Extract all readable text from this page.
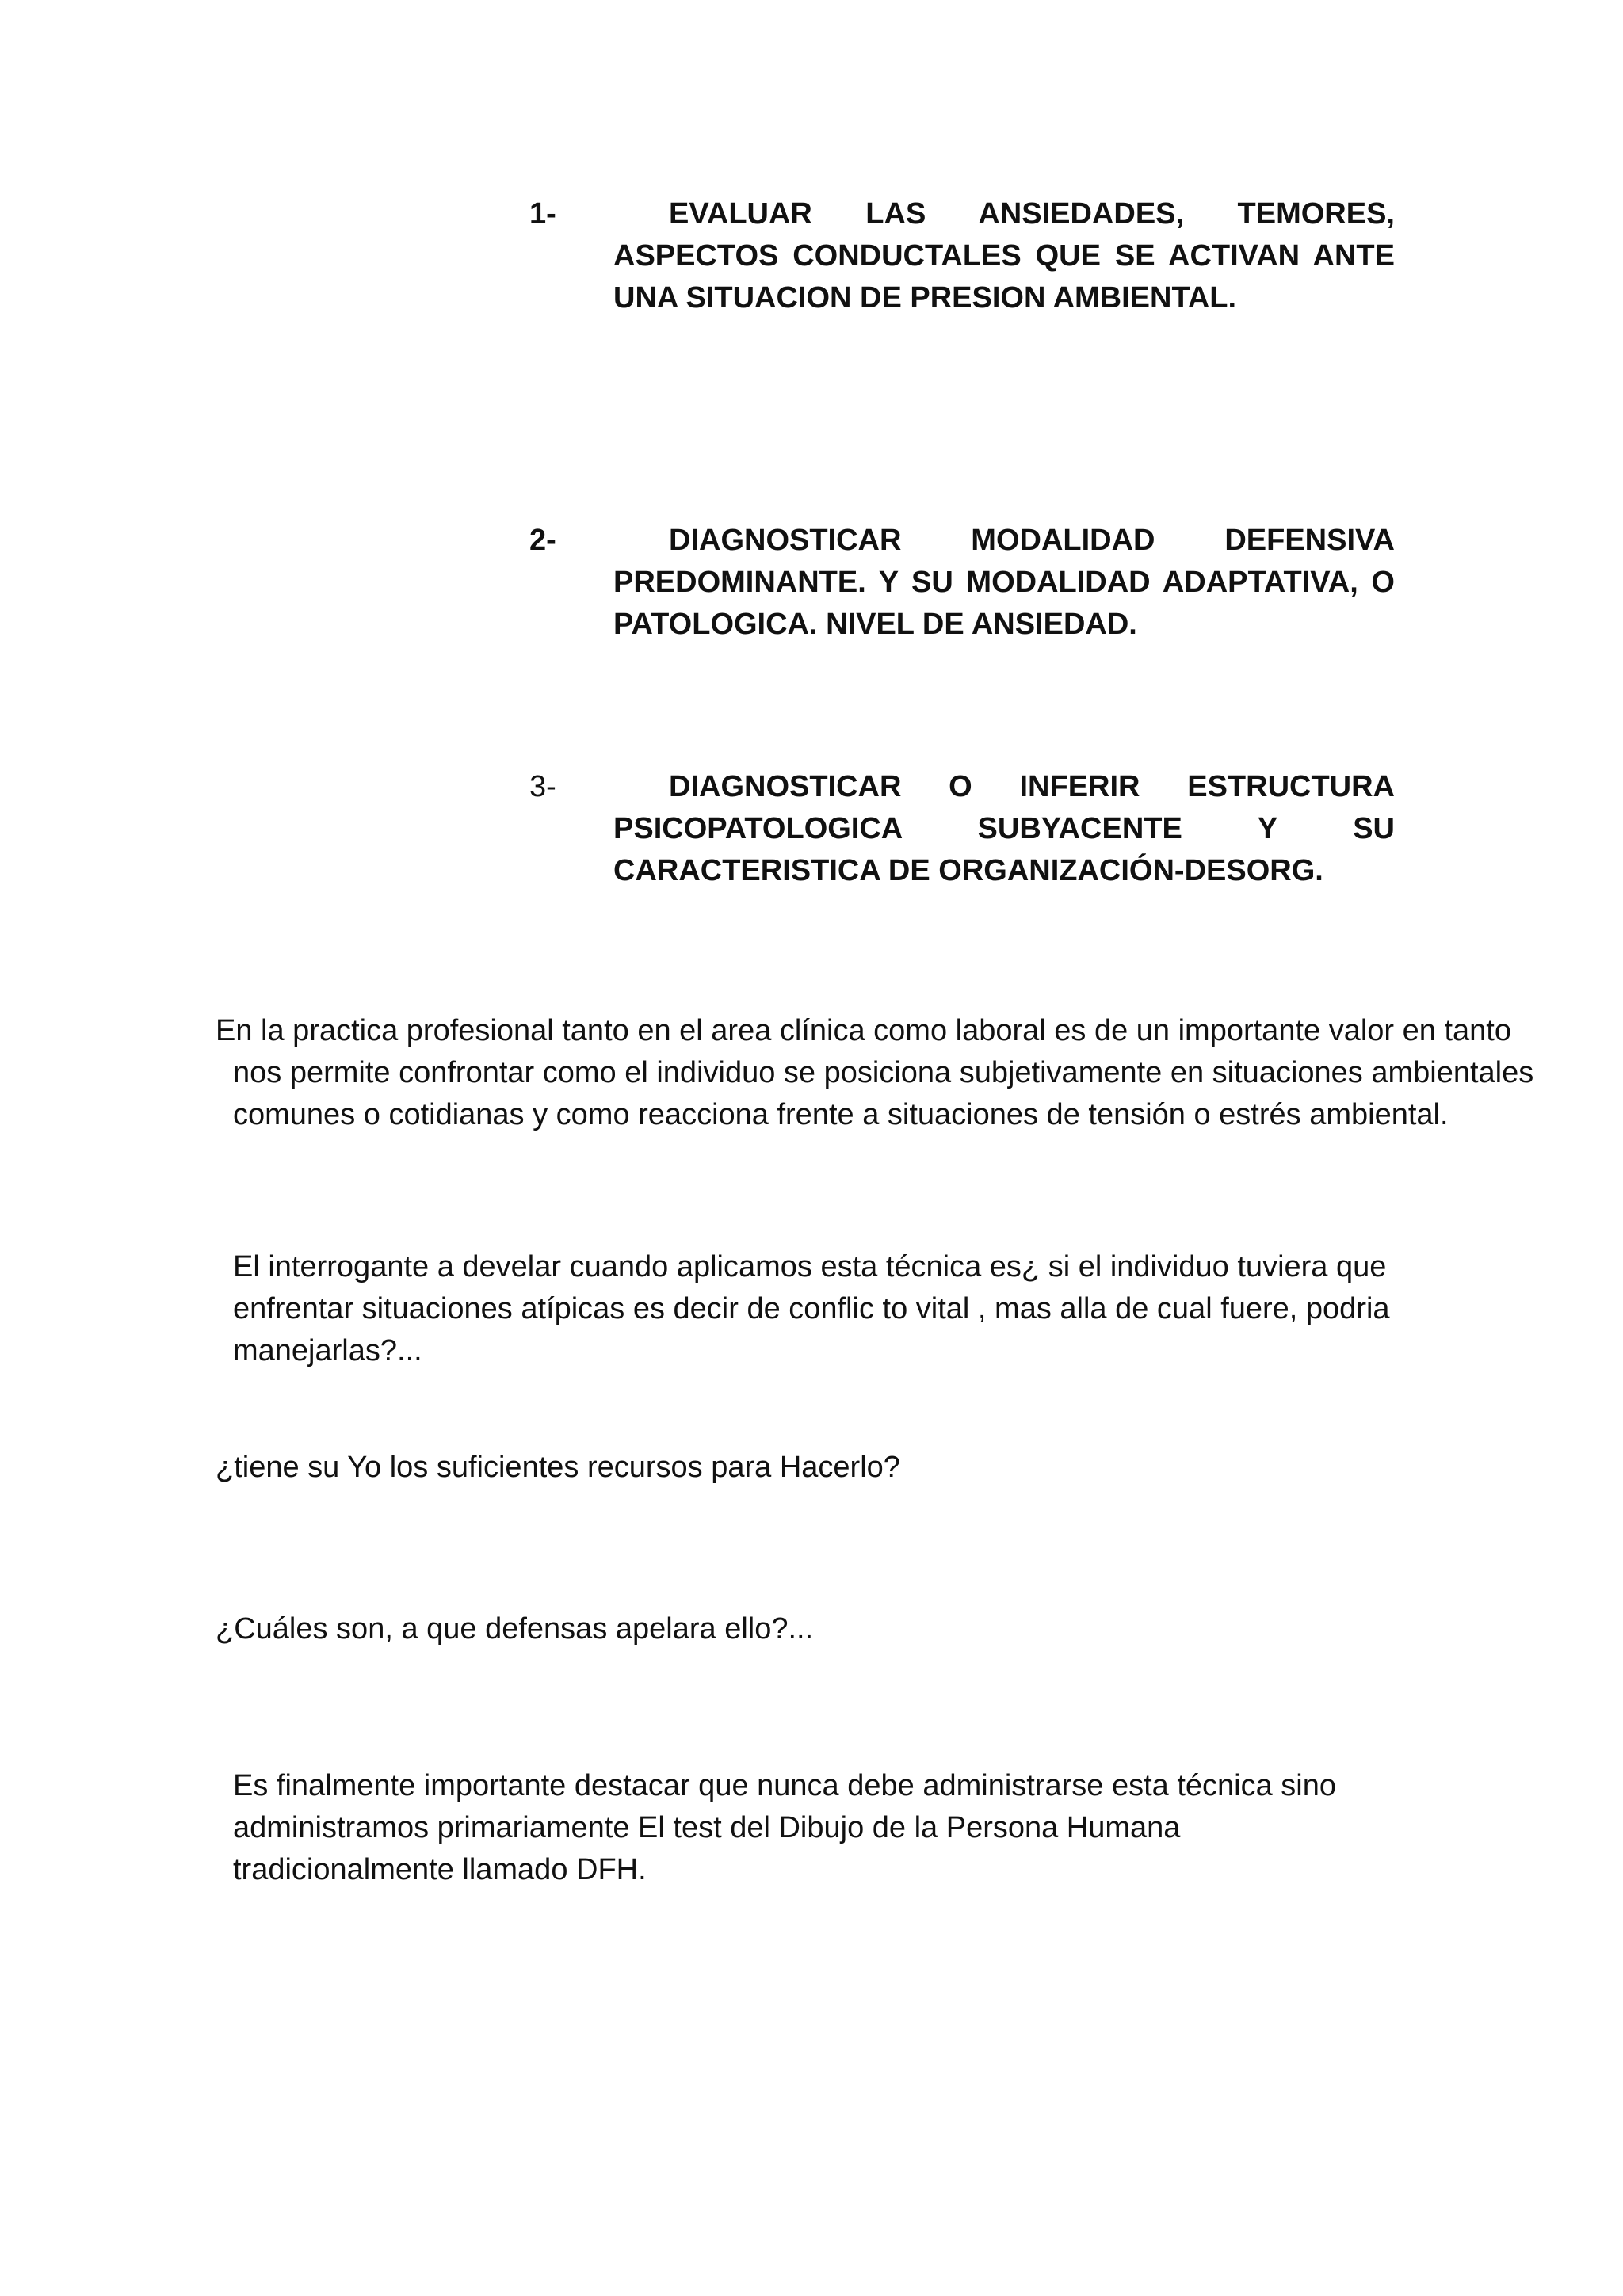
1-	EVALUAR LAS ANSIEDADES, TEMORES, ASPECTOS CONDUCTALES QUE SE ACTIVAN ANTE UNA SITUACION DE PRESION AMBIENTAL.
2-	DIAGNOSTICAR MODALIDAD DEFENSIVA PREDOMINANTE. Y SU MODALIDAD ADAPTATIVA, O PATOLOGICA. NIVEL DE ANSIEDAD.
3-	DIAGNOSTICAR O INFERIR ESTRUCTURA PSICOPATOLOGICA SUBYACENTE Y SU CARACTERISTICA DE ORGANIZACIÓN-DESORG.
En la practica profesional tanto en el area clínica como laboral es de un importante valor en tanto
nos permite confrontar como el individuo se posiciona subjetivamente en situaciones ambientales
comunes o cotidianas y como reacciona frente a situaciones de tensión o estrés ambiental.
El interrogante a develar cuando aplicamos esta técnica es¿ si el individuo tuviera que enfrentar situaciones atípicas es decir de conflic to vital , mas alla de cual fuere, podria manejarlas?...
¿tiene su Yo los suficientes recursos para Hacerlo?
¿Cuáles son, a que defensas apelara ello?...
Es finalmente importante destacar que nunca debe administrarse esta técnica sino administramos primariamente El test del Dibujo de la Persona Humana tradicionalmente llamado DFH.
